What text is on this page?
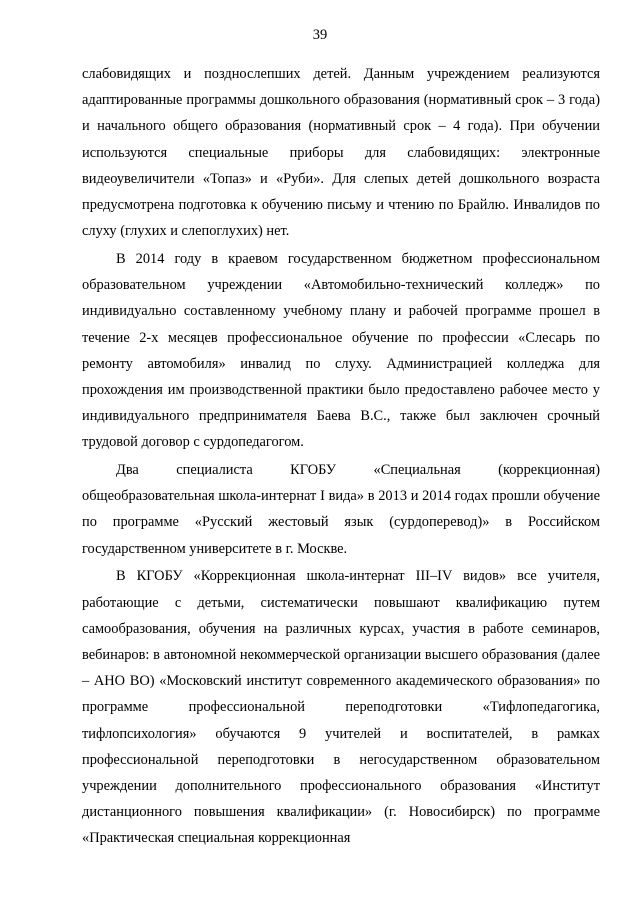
39

слабовидящих и позднослепших детей. Данным учреждением реализуются адаптированные программы дошкольного образования (нормативный срок – 3 года) и начального общего образования (нормативный срок – 4 года). При обучении используются специальные приборы для слабовидящих: электронные видеоувеличители «Топаз» и «Руби». Для слепых детей дошкольного возраста предусмотрена подготовка к обучению письму и чтению по Брайлю. Инвалидов по слуху (глухих и слепоглухих) нет.

В 2014 году в краевом государственном бюджетном профессиональном образовательном учреждении «Автомобильно-технический колледж» по индивидуально составленному учебному плану и рабочей программе прошел в течение 2-х месяцев профессиональное обучение по профессии «Слесарь по ремонту автомобиля» инвалид по слуху. Администрацией колледжа для прохождения им производственной практики было предоставлено рабочее место у индивидуального предпринимателя Баева В.С., также был заключен срочный трудовой договор с сурдопедагогом.

Два специалиста КГОБУ «Специальная (коррекционная) общеобразовательная школа-интернат I вида» в 2013 и 2014 годах прошли обучение по программе «Русский жестовый язык (сурдоперевод)» в Российском государственном университете в г. Москве.

В КГОБУ «Коррекционная школа-интернат III–IV видов» все учителя, работающие с детьми, систематически повышают квалификацию путем самообразования, обучения на различных курсах, участия в работе семинаров, вебинаров: в автономной некоммерческой организации высшего образования (далее – АНО ВО) «Московский институт современного академического образования» по программе профессиональной переподготовки «Тифлопедагогика, тифлопсихология» обучаются 9 учителей и воспитателей, в рамках профессиональной переподготовки в негосударственном образовательном учреждении дополнительного профессионального образования «Институт дистанционного повышения квалификации» (г. Новосибирск) по программе «Практическая специальная коррекционная
